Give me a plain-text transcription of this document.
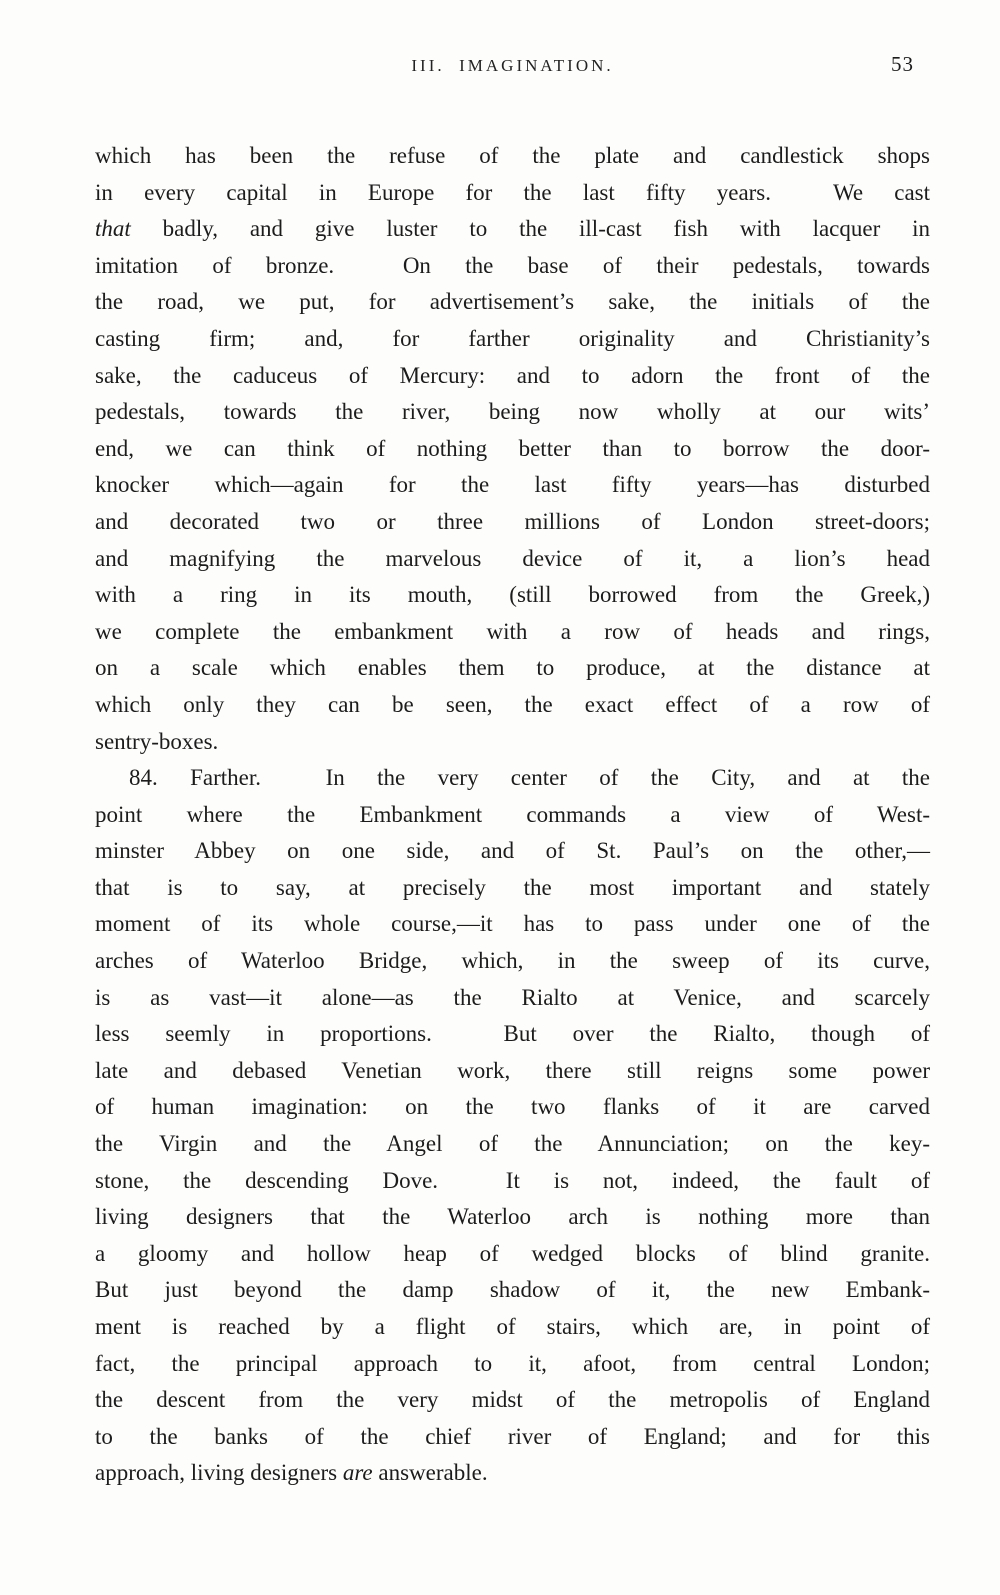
III.  IMAGINATION.	53
which has been the refuse of the plate and candlestick shops
in every capital in Europe for the last fifty years.  We cast
that badly, and give luster to the ill-cast fish with lacquer in
imitation of bronze.  On the base of their pedestals, towards
the road, we put, for advertisement’s sake, the initials of the
casting firm; and, for farther originality and Christianity’s
sake, the caduceus of Mercury: and to adorn the front of the
pedestals, towards the river, being now wholly at our wits’
end, we can think of nothing better than to borrow the door-
knocker which—again for the last fifty years—has disturbed
and decorated two or three millions of London street-doors;
and magnifying the marvelous device of it, a lion’s head
with a ring in its mouth, (still borrowed from the Greek,)
we complete the embankment with a row of heads and rings,
on a scale which enables them to produce, at the distance at
which only they can be seen, the exact effect of a row of
sentry-boxes.
84. Farther.  In the very center of the City, and at the
point where the Embankment commands a view of West-
minster Abbey on one side, and of St. Paul’s on the other,—
that is to say, at precisely the most important and stately
moment of its whole course,—it has to pass under one of the
arches of Waterloo Bridge, which, in the sweep of its curve,
is as vast—it alone—as the Rialto at Venice, and scarcely
less seemly in proportions.  But over the Rialto, though of
late and debased Venetian work, there still reigns some power
of human imagination: on the two flanks of it are carved
the Virgin and the Angel of the Annunciation; on the key-
stone, the descending Dove.  It is not, indeed, the fault of
living designers that the Waterloo arch is nothing more than
a gloomy and hollow heap of wedged blocks of blind granite.
But just beyond the damp shadow of it, the new Embank-
ment is reached by a flight of stairs, which are, in point of
fact, the principal approach to it, afoot, from central London;
the descent from the very midst of the metropolis of England
to the banks of the chief river of England; and for this
approach, living designers are answerable.
